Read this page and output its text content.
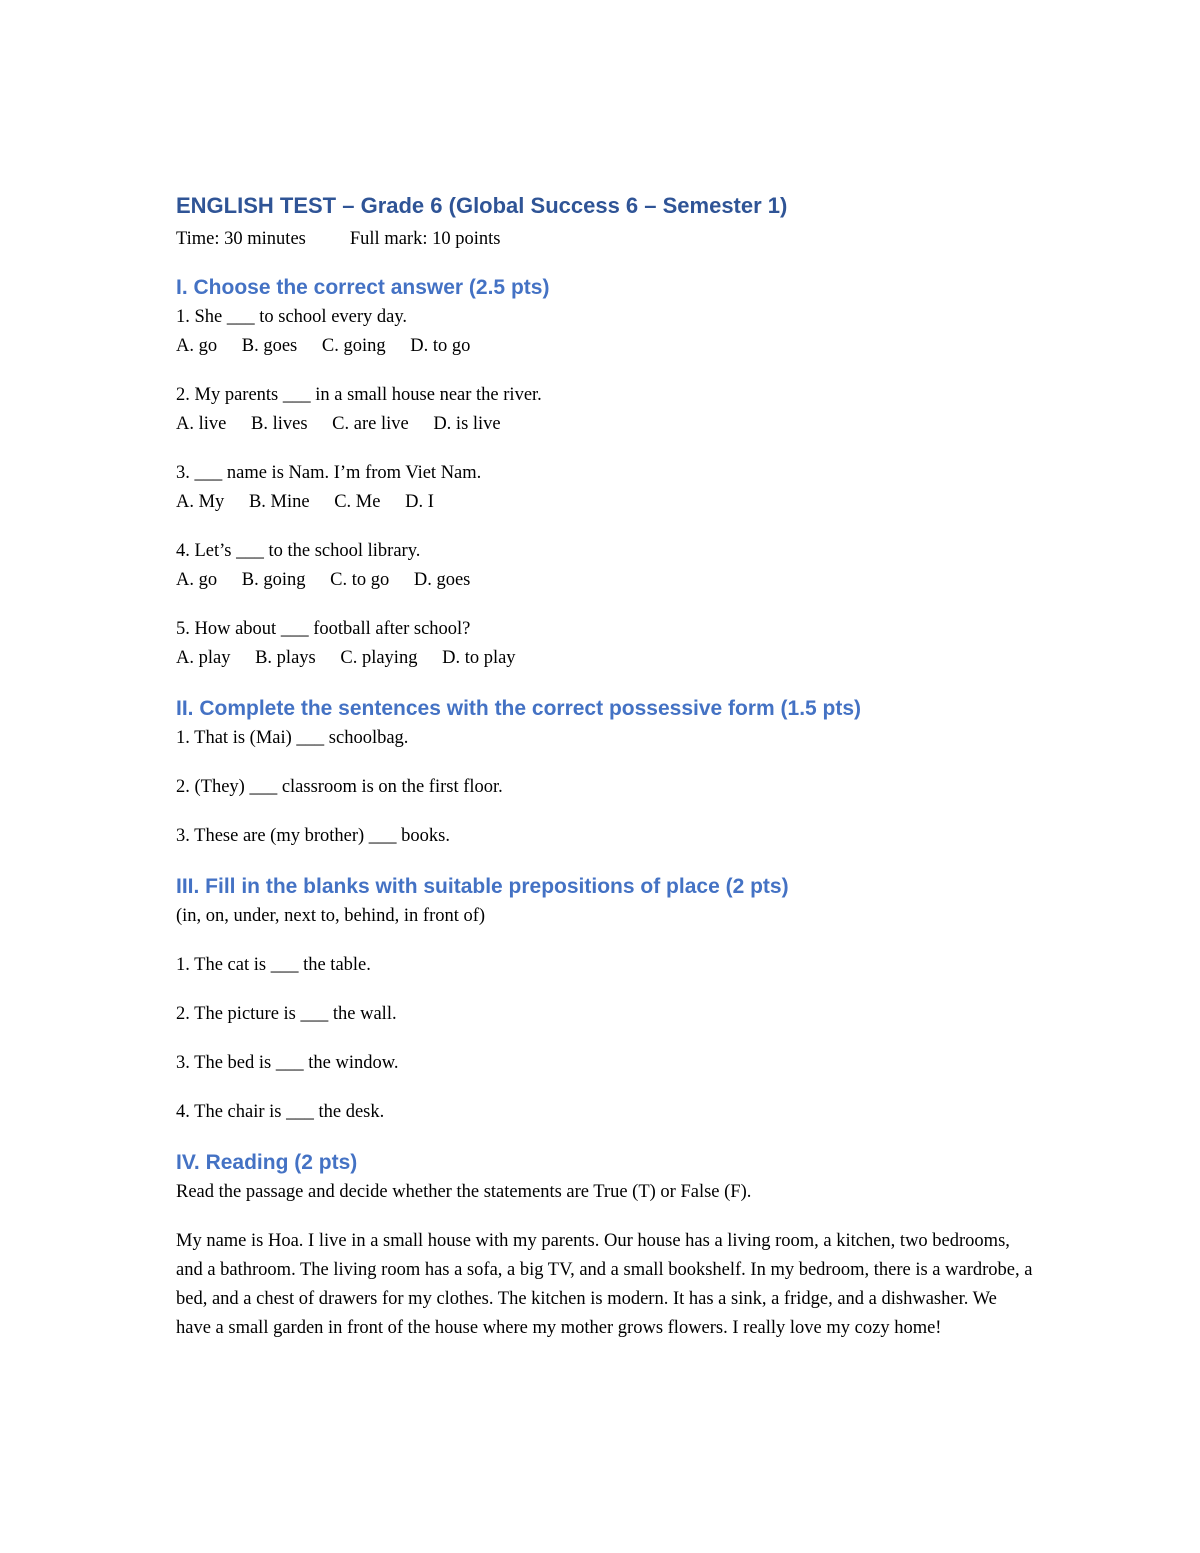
ENGLISH TEST – Grade 6 (Global Success 6 – Semester 1)
Time: 30 minutes Full mark: 10 points
I. Choose the correct answer (2.5 pts)
1. She ___ to school every day.
A. go B. goes C. going D. to go
2. My parents ___ in a small house near the river.
A. live B. lives C. are live D. is live
3. ___ name is Nam. I’m from Viet Nam.
A. My B. Mine C. Me D. I
4. Let’s ___ to the school library.
A. go B. going C. to go D. goes
5. How about ___ football after school?
A. play B. plays C. playing D. to play
II. Complete the sentences with the correct possessive form (1.5 pts)
1. That is (Mai) ___ schoolbag.
2. (They) ___ classroom is on the first floor.
3. These are (my brother) ___ books.
III. Fill in the blanks with suitable prepositions of place (2 pts)
(in, on, under, next to, behind, in front of)
1. The cat is ___ the table.
2. The picture is ___ the wall.
3. The bed is ___ the window.
4. The chair is ___ the desk.
IV. Reading (2 pts)
Read the passage and decide whether the statements are True (T) or False (F).
My name is Hoa. I live in a small house with my parents. Our house has a living room, a kitchen, two bedrooms, and a bathroom. The living room has a sofa, a big TV, and a small bookshelf. In my bedroom, there is a wardrobe, a bed, and a chest of drawers for my clothes. The kitchen is modern. It has a sink, a fridge, and a dishwasher. We have a small garden in front of the house where my mother grows flowers. I really love my cozy home!
